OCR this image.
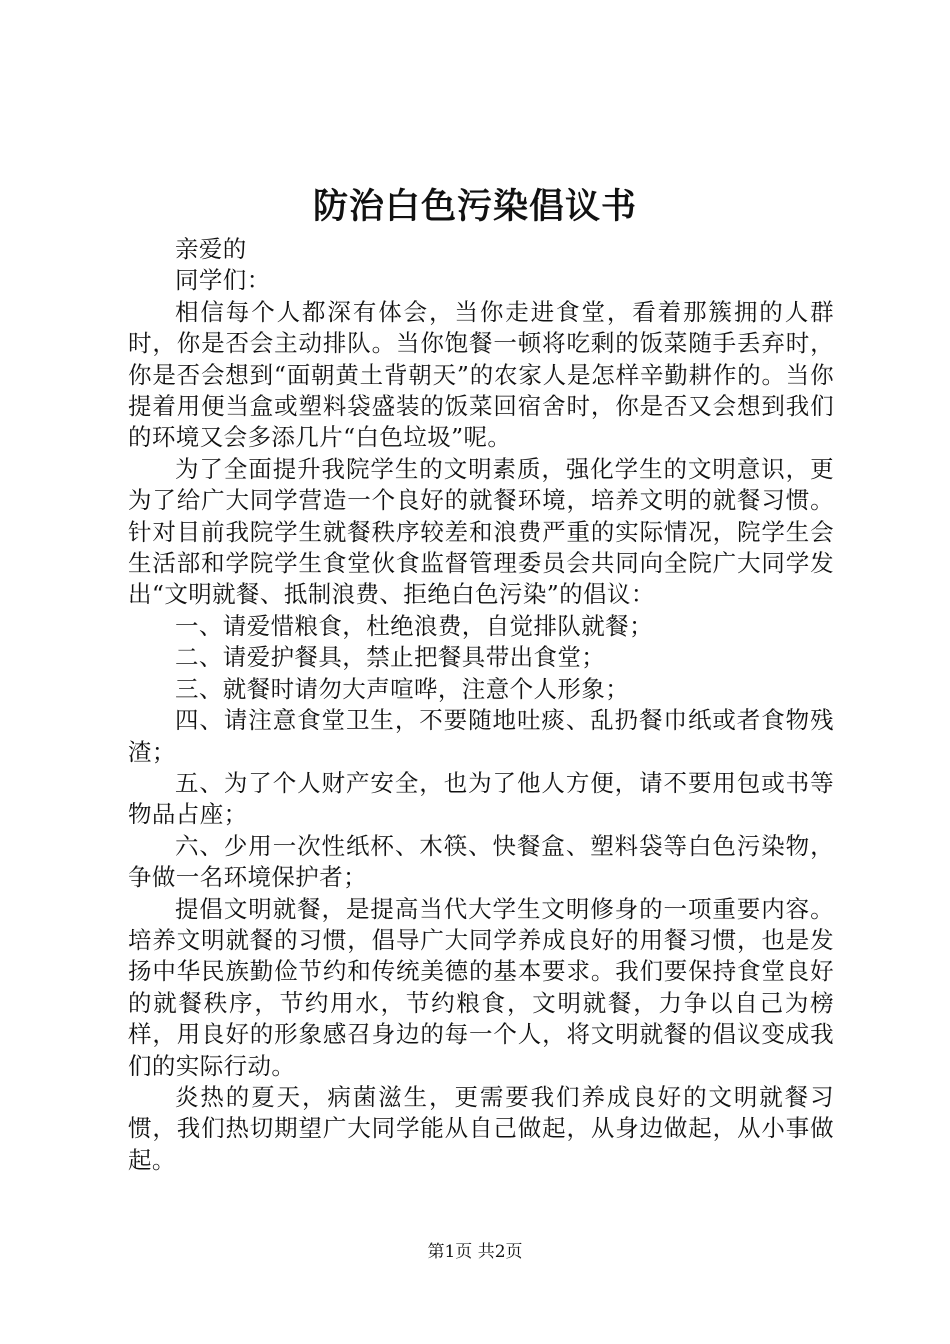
防治白色污染倡议书

亲爱的

同学们：

相信每个人都深有体会，当你走进食堂，看着那簇拥的人群时，你是否会主动排队。当你饱餐一顿将吃剩的饭菜随手丢弃时，你是否会想到“面朝黄土背朝天”的农家人是怎样辛勤耕作的。当你提着用便当盒或塑料袋盛装的饭菜回宿舍时，你是否又会想到我们的环境又会多添几片“白色垃圾”呢。

为了全面提升我院学生的文明素质，强化学生的文明意识，更为了给广大同学营造一个良好的就餐环境，培养文明的就餐习惯。针对目前我院学生就餐秩序较差和浪费严重的实际情况，院学生会生活部和学院学生食堂伙食监督管理委员会共同向全院广大同学发出“文明就餐、抵制浪费、拒绝白色污染”的倡议：

一、请爱惜粮食，杜绝浪费，自觉排队就餐；

二、请爱护餐具，禁止把餐具带出食堂；

三、就餐时请勿大声喧哗，注意个人形象；

四、请注意食堂卫生，不要随地吐痰、乱扔餐巾纸或者食物残渣；

五、为了个人财产安全，也为了他人方便，请不要用包或书等物品占座；

六、少用一次性纸杯、木筷、快餐盒、塑料袋等白色污染物，争做一名环境保护者；

提倡文明就餐，是提高当代大学生文明修身的一项重要内容。培养文明就餐的习惯，倡导广大同学养成良好的用餐习惯，也是发扬中华民族勤俭节约和传统美德的基本要求。我们要保持食堂良好的就餐秩序，节约用水，节约粮食，文明就餐，力争以自己为榜样，用良好的形象感召身边的每一个人，将文明就餐的倡议变成我们的实际行动。

炎热的夏天，病菌滋生，更需要我们养成良好的文明就餐习惯，我们热切期望广大同学能从自己做起，从身边做起，从小事做起。

第1页 共2页
